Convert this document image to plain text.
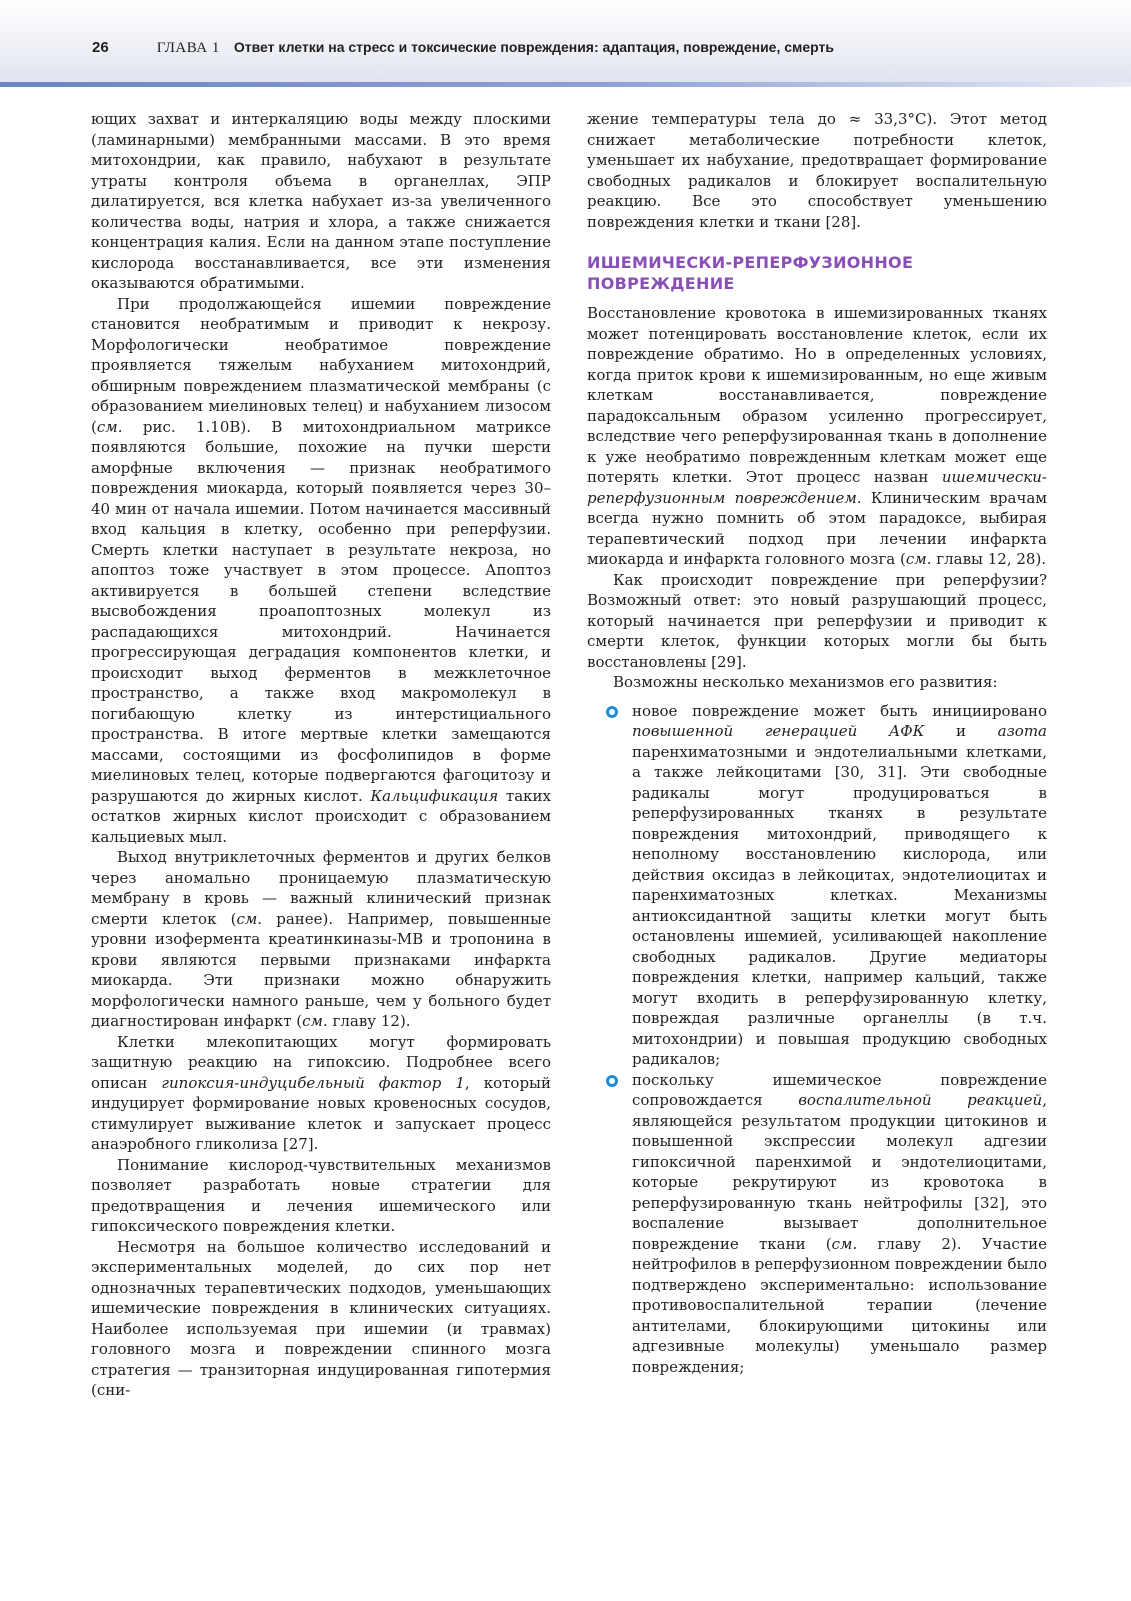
26	ГЛАВА 1 Ответ клетки на стресс и токсические повреждения: адаптация, повреждение, смерть

ющих захват и интеркаляцию воды между плоскими (ламинарными) мембранными массами. В это время митохондрии, как правило, набухают в результате утраты контроля объема в органеллах, ЭПР дилатируется, вся клетка набухает из-за увеличенного количества воды, натрия и хлора, а также снижается концентрация калия. Если на данном этапе поступление кислорода восстанавливается, все эти изменения оказываются обратимыми.

При продолжающейся ишемии повреждение становится необратимым и приводит к некрозу. Морфологически необратимое повреждение проявляется тяжелым набуханием митохондрий, обширным повреждением плазматической мембраны (с образованием миелиновых телец) и набуханием лизосом (см. рис. 1.10В). В митохондриальном матриксе появляются большие, похожие на пучки шерсти аморфные включения — признак необратимого повреждения миокарда, который появляется через 30–40 мин от начала ишемии. Потом начинается массивный вход кальция в клетку, особенно при реперфузии. Смерть клетки наступает в результате некроза, но апоптоз тоже участвует в этом процессе. Апоптоз активируется в большей степени вследствие высвобождения проапоптозных молекул из распадающихся митохондрий. Начинается прогрессирующая деградация компонентов клетки, и происходит выход ферментов в межклеточное пространство, а также вход макромолекул в погибающую клетку из интерстициального пространства. В итоге мертвые клетки замещаются массами, состоящими из фосфолипидов в форме миелиновых телец, которые подвергаются фагоцитозу и разрушаются до жирных кислот. Кальцификация таких остатков жирных кислот происходит с образованием кальциевых мыл.

Выход внутриклеточных ферментов и других белков через аномально проницаемую плазматическую мембрану в кровь — важный клинический признак смерти клеток (см. ранее). Например, повышенные уровни изофермента креатинкиназы-МВ и тропонина в крови являются первыми признаками инфаркта миокарда. Эти признаки можно обнаружить морфологически намного раньше, чем у больного будет диагностирован инфаркт (см. главу 12).

Клетки млекопитающих могут формировать защитную реакцию на гипоксию. Подробнее всего описан гипоксия-индуцибельный фактор 1, который индуцирует формирование новых кровеносных сосудов, стимулирует выживание клеток и запускает процесс анаэробного гликолиза [27].

Понимание кислород-чувствительных механизмов позволяет разработать новые стратегии для предотвращения и лечения ишемического или гипоксического повреждения клетки.

Несмотря на большое количество исследований и экспериментальных моделей, до сих пор нет однозначных терапевтических подходов, уменьшающих ишемические повреждения в клинических ситуациях. Наиболее используемая при ишемии (и травмах) головного мозга и повреждении спинного мозга стратегия — транзиторная индуцированная гипотермия (сни-

жение температуры тела до ≈ 33,3°С). Этот метод снижает метаболические потребности клеток, уменьшает их набухание, предотвращает формирование свободных радикалов и блокирует воспалительную реакцию. Все это способствует уменьшению повреждения клетки и ткани [28].

ИШЕМИЧЕСКИ-РЕПЕРФУЗИОННОЕ
ПОВРЕЖДЕНИЕ

Восстановление кровотока в ишемизированных тканях может потенцировать восстановление клеток, если их повреждение обратимо. Но в определенных условиях, когда приток крови к ишемизированным, но еще живым клеткам восстанавливается, повреждение парадоксальным образом усиленно прогрессирует, вследствие чего реперфузированная ткань в дополнение к уже необратимо поврежденным клеткам может еще потерять клетки. Этот процесс назван ишемически-реперфузионным повреждением. Клиническим врачам всегда нужно помнить об этом парадоксе, выбирая терапевтический подход при лечении инфаркта миокарда и инфаркта головного мозга (см. главы 12, 28).

Как происходит повреждение при реперфузии? Возможный ответ: это новый разрушающий процесс, который начинается при реперфузии и приводит к смерти клеток, функции которых могли бы быть восстановлены [29].

Возможны несколько механизмов его развития:

новое повреждение может быть инициировано повышенной генерацией АФК и азота паренхиматозными и эндотелиальными клетками, а также лейкоцитами [30, 31]. Эти свободные радикалы могут продуцироваться в реперфузированных тканях в результате повреждения митохондрий, приводящего к неполному восстановлению кислорода, или действия оксидаз в лейкоцитах, эндотелиоцитах и паренхиматозных клетках. Механизмы антиоксидантной защиты клетки могут быть остановлены ишемией, усиливающей накопление свободных радикалов. Другие медиаторы повреждения клетки, например кальций, также могут входить в реперфузированную клетку, повреждая различные органеллы (в т.ч. митохондрии) и повышая продукцию свободных радикалов;
поскольку ишемическое повреждение сопровождается воспалительной реакцией, являющейся результатом продукции цитокинов и повышенной экспрессии молекул адгезии гипоксичной паренхимой и эндотелиоцитами, которые рекрутируют из кровотока в реперфузированную ткань нейтрофилы [32], это воспаление вызывает дополнительное повреждение ткани (см. главу 2). Участие нейтрофилов в реперфузионном повреждении было подтверждено экспериментально: использование противовоспалительной терапии (лечение антителами, блокирующими цитокины или адгезивные молекулы) уменьшало размер повреждения;
